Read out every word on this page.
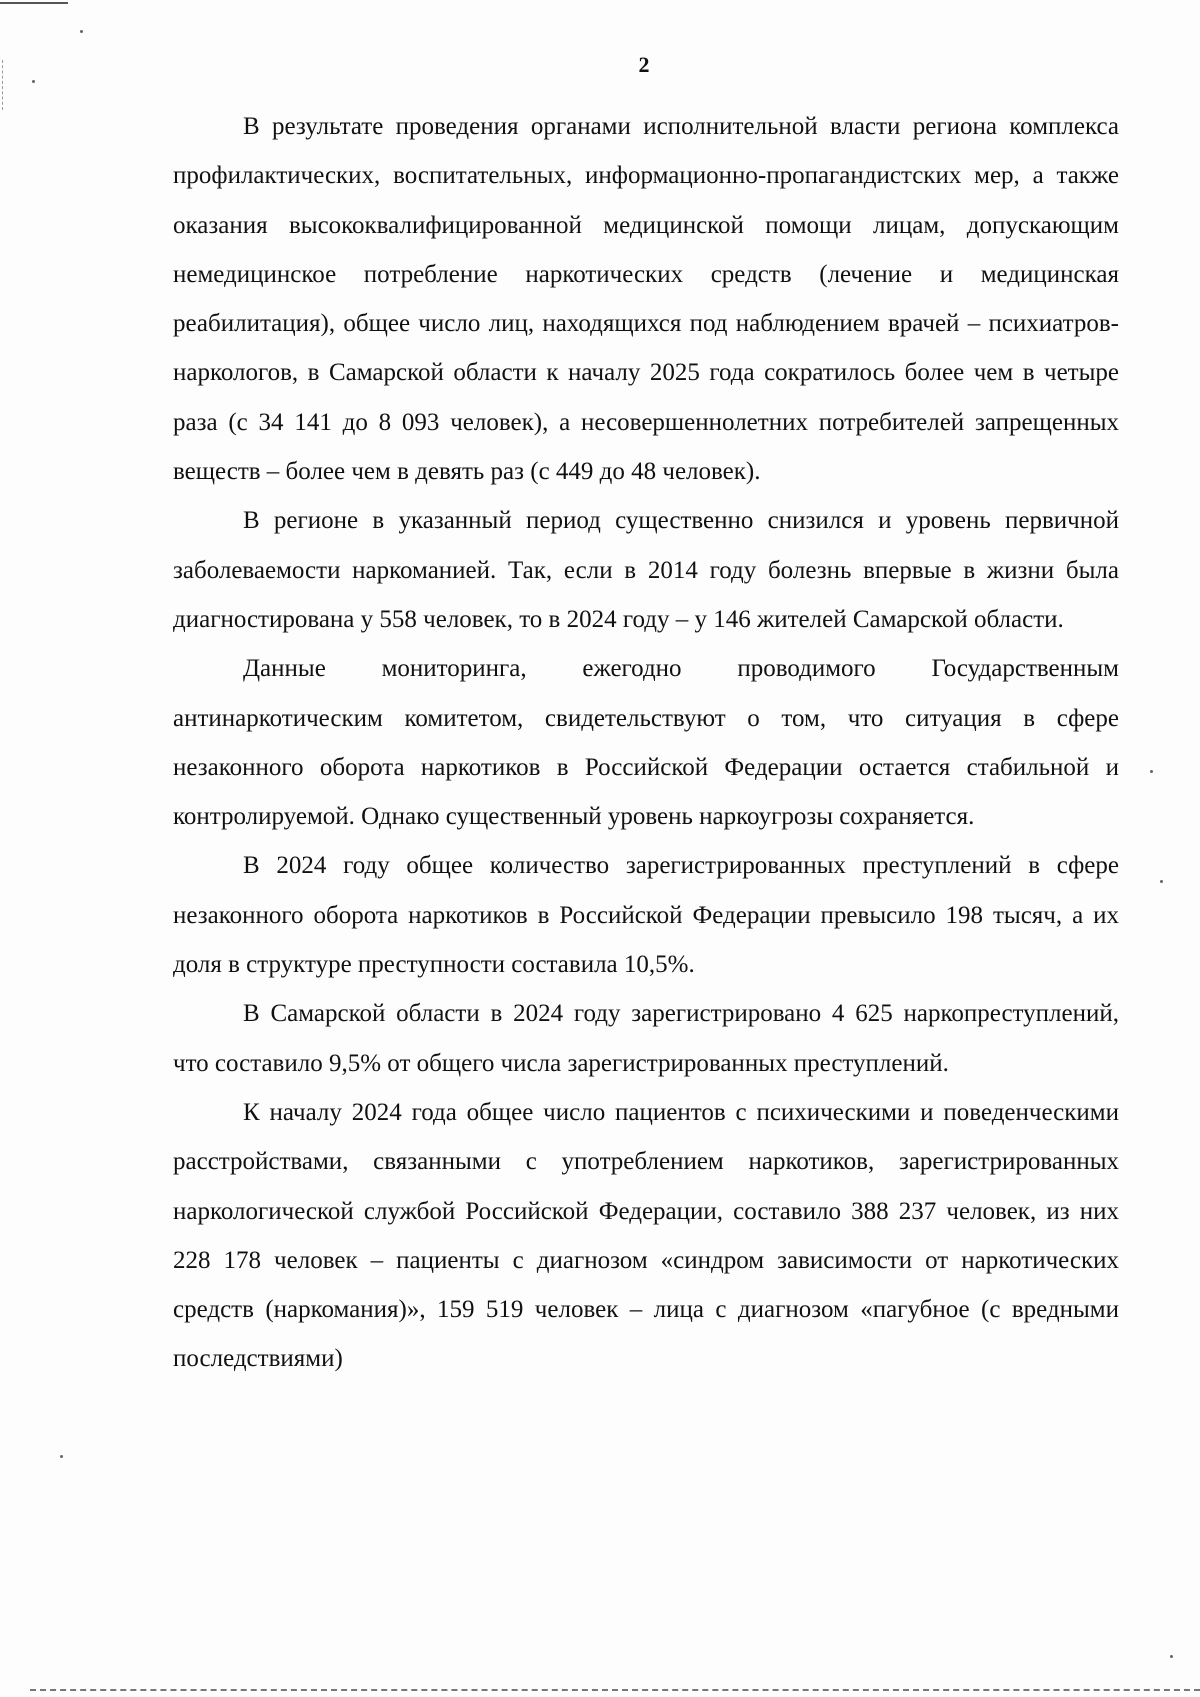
2

В результате проведения органами исполнительной власти региона комплекса профилактических, воспитательных, информационно-пропагандистских мер, а также оказания высококвалифицированной медицинской помощи лицам, допускающим немедицинское потребление наркотических средств (лечение и медицинская реабилитация), общее число лиц, находящихся под наблюдением врачей – психиатров-наркологов, в Самарской области к началу 2025 года сократилось более чем в четыре раза (с 34 141 до 8 093 человек), а несовершеннолетних потребителей запрещенных веществ – более чем в девять раз (с 449 до 48 человек).

В регионе в указанный период существенно снизился и уровень первичной заболеваемости наркоманией. Так, если в 2014 году болезнь впервые в жизни была диагностирована у 558 человек, то в 2024 году – у 146 жителей Самарской области.

Данные мониторинга, ежегодно проводимого Государственным антинаркотическим комитетом, свидетельствуют о том, что ситуация в сфере незаконного оборота наркотиков в Российской Федерации остается стабильной и контролируемой. Однако существенный уровень наркоугрозы сохраняется.

В 2024 году общее количество зарегистрированных преступлений в сфере незаконного оборота наркотиков в Российской Федерации превысило 198 тысяч, а их доля в структуре преступности составила 10,5%.

В Самарской области в 2024 году зарегистрировано 4 625 наркопреступлений, что составило 9,5% от общего числа зарегистрированных преступлений.

К началу 2024 года общее число пациентов с психическими и поведенческими расстройствами, связанными с употреблением наркотиков, зарегистрированных наркологической службой Российской Федерации, составило 388 237 человек, из них 228 178 человек – пациенты с диагнозом «синдром зависимости от наркотических средств (наркомания)», 159 519 человек – лица с диагнозом «пагубное (с вредными последствиями)
